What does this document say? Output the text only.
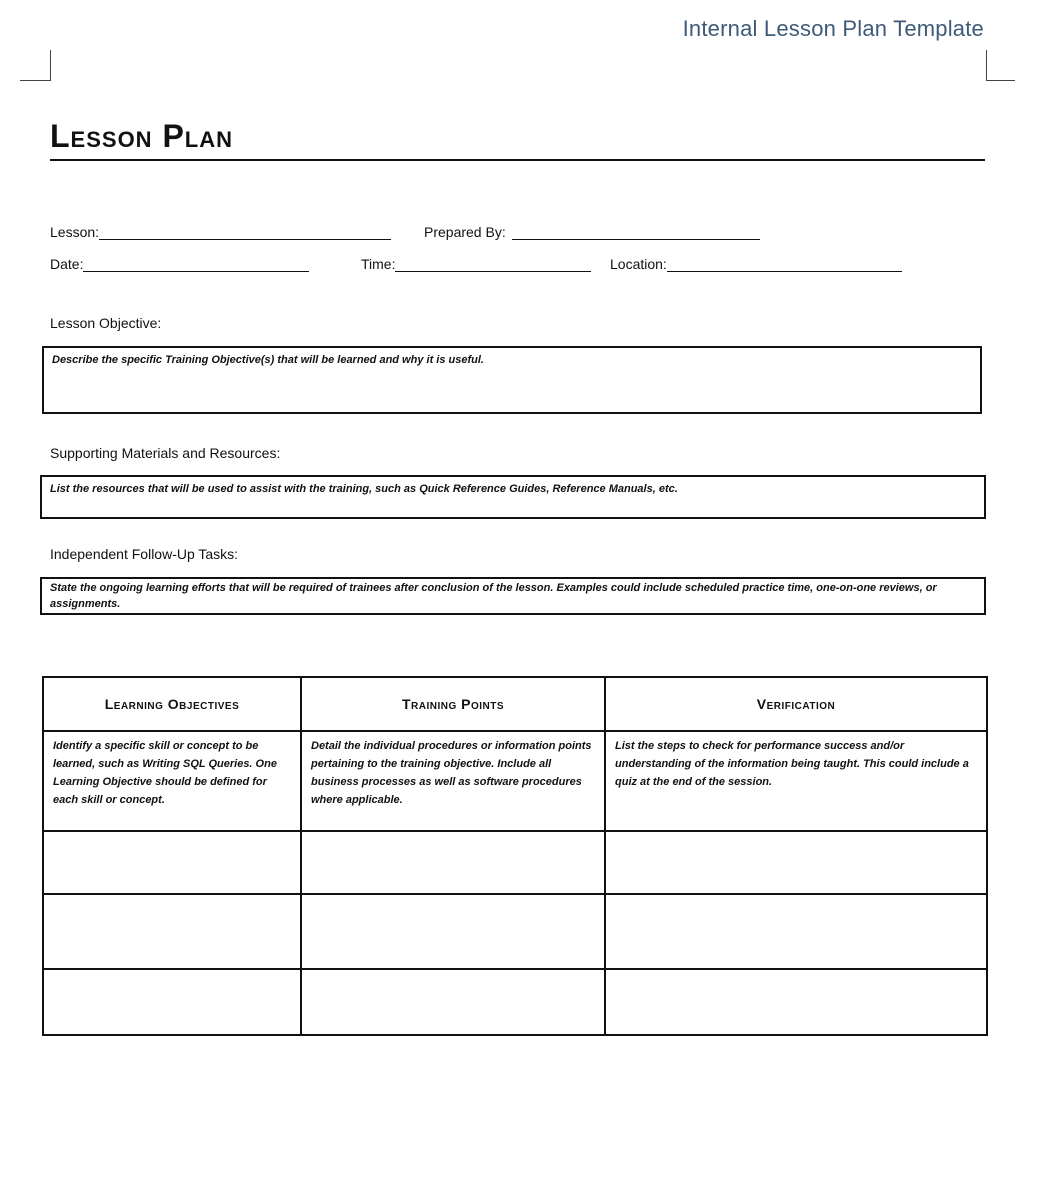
Internal Lesson Plan Template
Lesson Plan
Lesson:	Prepared By:
Date:	Time:	Location:
Lesson Objective:
Describe the specific Training Objective(s) that will be learned and why it is useful.
Supporting Materials and Resources:
List the resources that will be used to assist with the training, such as Quick Reference Guides, Reference Manuals, etc.
Independent Follow-Up Tasks:
State the ongoing learning efforts that will be required of trainees after conclusion of the lesson. Examples could include scheduled practice time, one-on-one reviews, or assignments.
Learning Objectives	Training Points	Verification

Identify a specific skill or concept to be learned, such as Writing SQL Queries. One Learning Objective should be defined for each skill or concept.	Detail the individual procedures or information points pertaining to the training objective. Include all business processes as well as software procedures where applicable.	List the steps to check for performance success and/or understanding of the information being taught. This could include a quiz at the end of the session.
